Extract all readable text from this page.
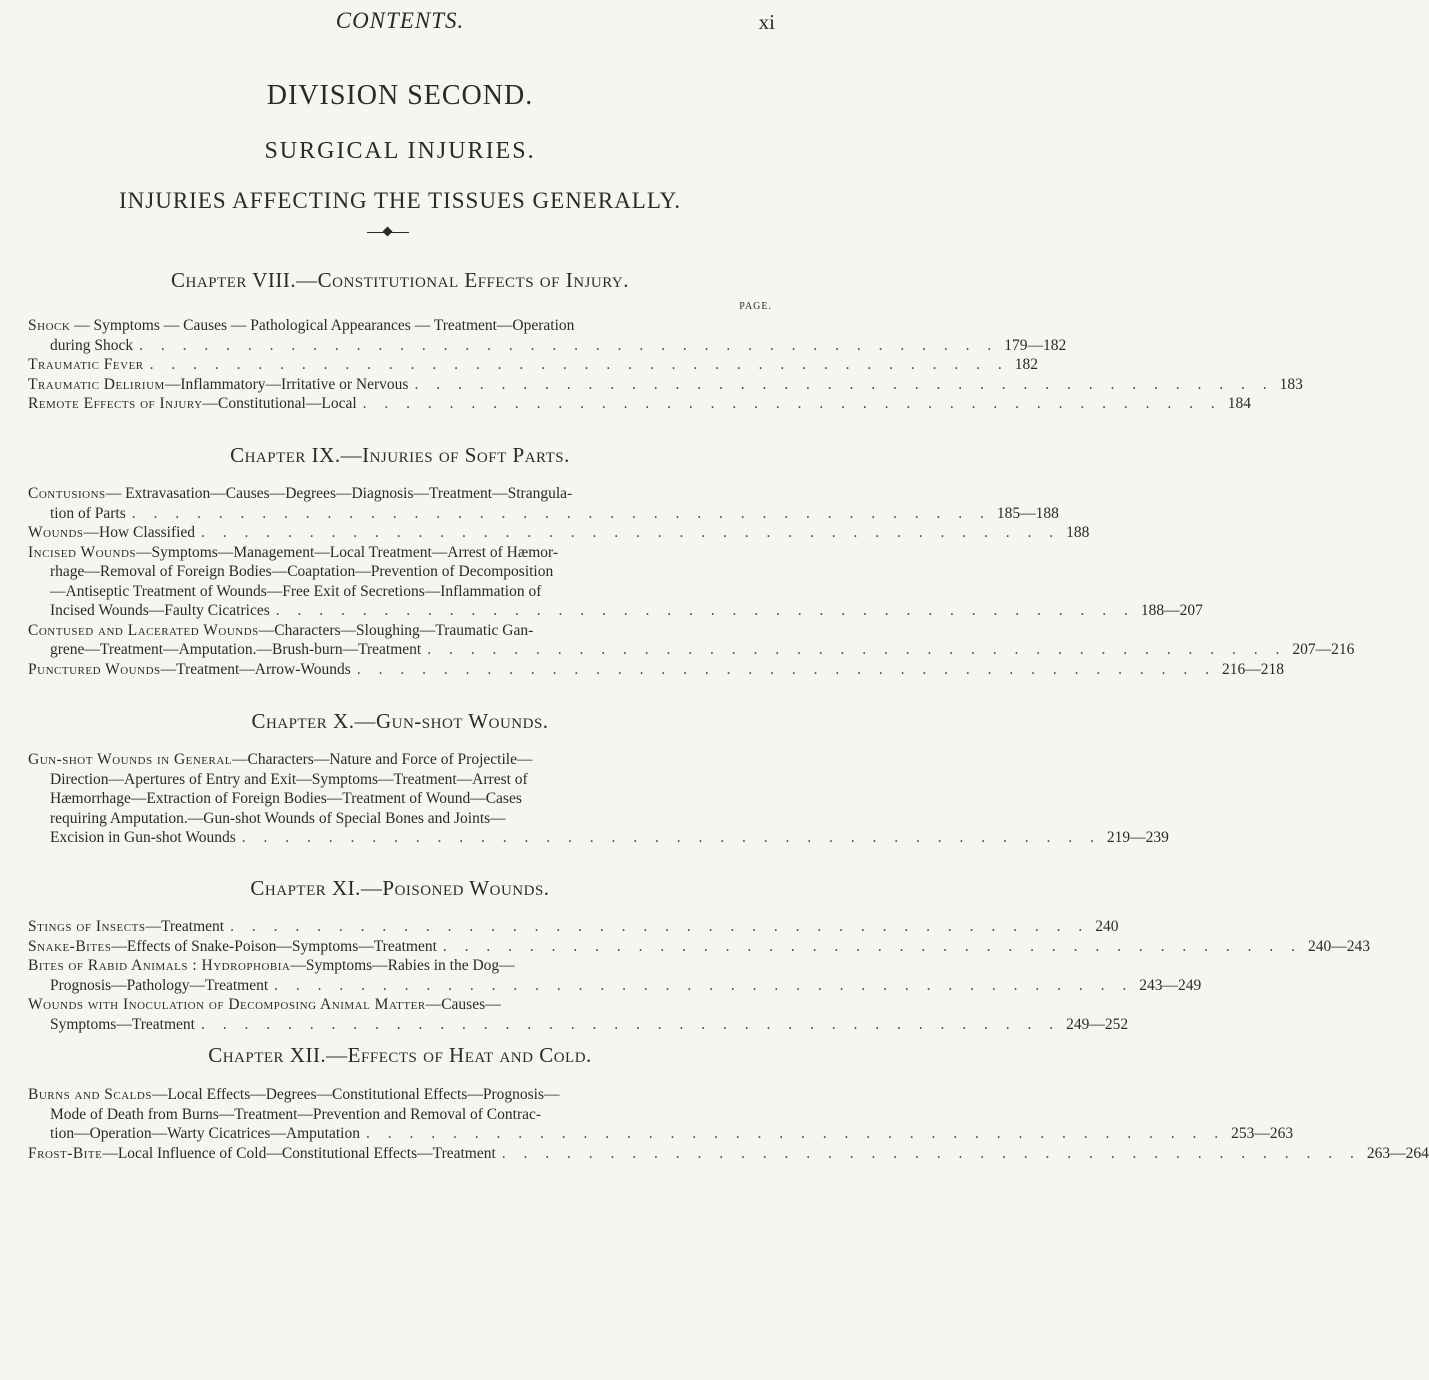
CONTENTS.	xi
DIVISION SECOND.
SURGICAL INJURIES.
INJURIES AFFECTING THE TISSUES GENERALLY.
Chapter VIII.—Constitutional Effects of Injury.
PAGE.
Shock — Symptoms — Causes — Pathological Appearances — Treatment—Operation
during Shock . . . . . . . . . . . . . . . . . . . . . . . . . . . . . . . . . . . . . . . . 179—182
Traumatic Fever . . . . . . . . . . . . . . . . . . . . . . . . . . . . . . . . . . . . . . . . 182
Traumatic Delirium—Inflammatory—Irritative or Nervous . . . . . . . . . . . . . . . . . . . . . . . . . . . . . . . . . . . . . . . . 183
Remote Effects of Injury—Constitutional—Local . . . . . . . . . . . . . . . . . . . . . . . . . . . . . . . . . . . . . . . . 184
Chapter IX.—Injuries of Soft Parts.
Contusions— Extravasation—Causes—Degrees—Diagnosis—Treatment—Strangula-
tion of Parts . . . . . . . . . . . . . . . . . . . . . . . . . . . . . . . . . . . . . . . . 185—188
Wounds—How Classified . . . . . . . . . . . . . . . . . . . . . . . . . . . . . . . . . . . . . . . . 188
Incised Wounds—Symptoms—Management—Local Treatment—Arrest of Hæmor-
rhage—Removal of Foreign Bodies—Coaptation—Prevention of Decomposition
—Antiseptic Treatment of Wounds—Free Exit of Secretions—Inflammation of
Incised Wounds—Faulty Cicatrices . . . . . . . . . . . . . . . . . . . . . . . . . . . . . . . . . . . . . . . . 188—207
Contused and Lacerated Wounds—Characters—Sloughing—Traumatic Gan-
grene—Treatment—Amputation.—Brush-burn—Treatment . . . . . . . . . . . . . . . . . . . . . . . . . . . . . . . . . . . . . . . . 207—216
Punctured Wounds—Treatment—Arrow-Wounds . . . . . . . . . . . . . . . . . . . . . . . . . . . . . . . . . . . . . . . . 216—218
Chapter X.—Gun-shot Wounds.
Gun-shot Wounds in General—Characters—Nature and Force of Projectile—
Direction—Apertures of Entry and Exit—Symptoms—Treatment—Arrest of
Hæmorrhage—Extraction of Foreign Bodies—Treatment of Wound—Cases
requiring Amputation.—Gun-shot Wounds of Special Bones and Joints—
Excision in Gun-shot Wounds . . . . . . . . . . . . . . . . . . . . . . . . . . . . . . . . . . . . . . . . 219—239
Chapter XI.—Poisoned Wounds.
Stings of Insects—Treatment . . . . . . . . . . . . . . . . . . . . . . . . . . . . . . . . . . . . . . . . 240
Snake-Bites—Effects of Snake-Poison—Symptoms—Treatment . . . . . . . . . . . . . . . . . . . . . . . . . . . . . . . . . . . . . . . . 240—243
Bites of Rabid Animals : Hydrophobia—Symptoms—Rabies in the Dog—
Prognosis—Pathology—Treatment . . . . . . . . . . . . . . . . . . . . . . . . . . . . . . . . . . . . . . . . 243—249
Wounds with Inoculation of Decomposing Animal Matter—Causes—
Symptoms—Treatment . . . . . . . . . . . . . . . . . . . . . . . . . . . . . . . . . . . . . . . . 249—252
Chapter XII.—Effects of Heat and Cold.
Burns and Scalds—Local Effects—Degrees—Constitutional Effects—Prognosis—
Mode of Death from Burns—Treatment—Prevention and Removal of Contrac-
tion—Operation—Warty Cicatrices—Amputation . . . . . . . . . . . . . . . . . . . . . . . . . . . . . . . . . . . . . . . . 253—263
Frost-Bite—Local Influence of Cold—Constitutional Effects—Treatment . . . . . . . . . . . . . . . . . . . . . . . . . . . . . . . . . . . . . . . . 263—264
